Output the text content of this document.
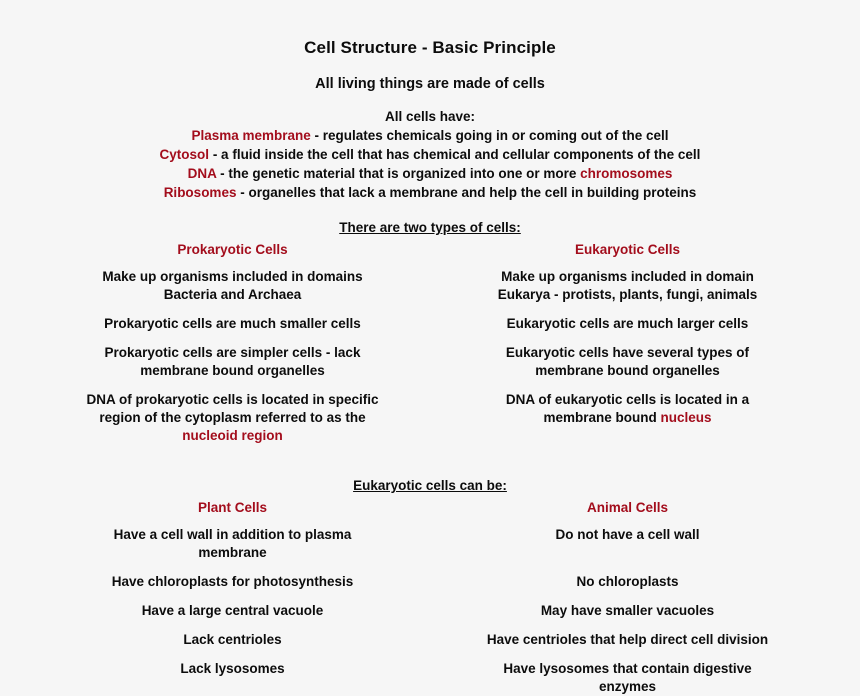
Cell Structure - Basic Principle
All living things are made of cells
All cells have:
Plasma membrane - regulates chemicals going in or coming out of the cell
Cytosol - a fluid inside the cell that has chemical and cellular components of the cell
DNA - the genetic material that is organized into one or more chromosomes
Ribosomes - organelles that lack a membrane and help the cell in building proteins
There are two types of cells:
Prokaryotic Cells	Eukaryotic Cells

Make up organisms included in domains Bacteria and Archaea	Make up organisms included in domain Eukarya - protists, plants, fungi, animals

Prokaryotic cells are much smaller cells	Eukaryotic cells are much larger cells

Prokaryotic cells are simpler cells - lack membrane bound organelles	Eukaryotic cells have several types of membrane bound organelles

DNA of prokaryotic cells is located in specific region of the cytoplasm referred to as the nucleoid region	DNA of eukaryotic cells is located in a membrane bound nucleus
Eukaryotic cells can be:
Plant Cells	Animal Cells

Have a cell wall in addition to plasma membrane	Do not have a cell wall

Have chloroplasts for photosynthesis	No chloroplasts

Have a large central vacuole	May have smaller vacuoles

Lack centrioles	Have centrioles that help direct cell division

Lack lysosomes	Have lysosomes that contain digestive enzymes
